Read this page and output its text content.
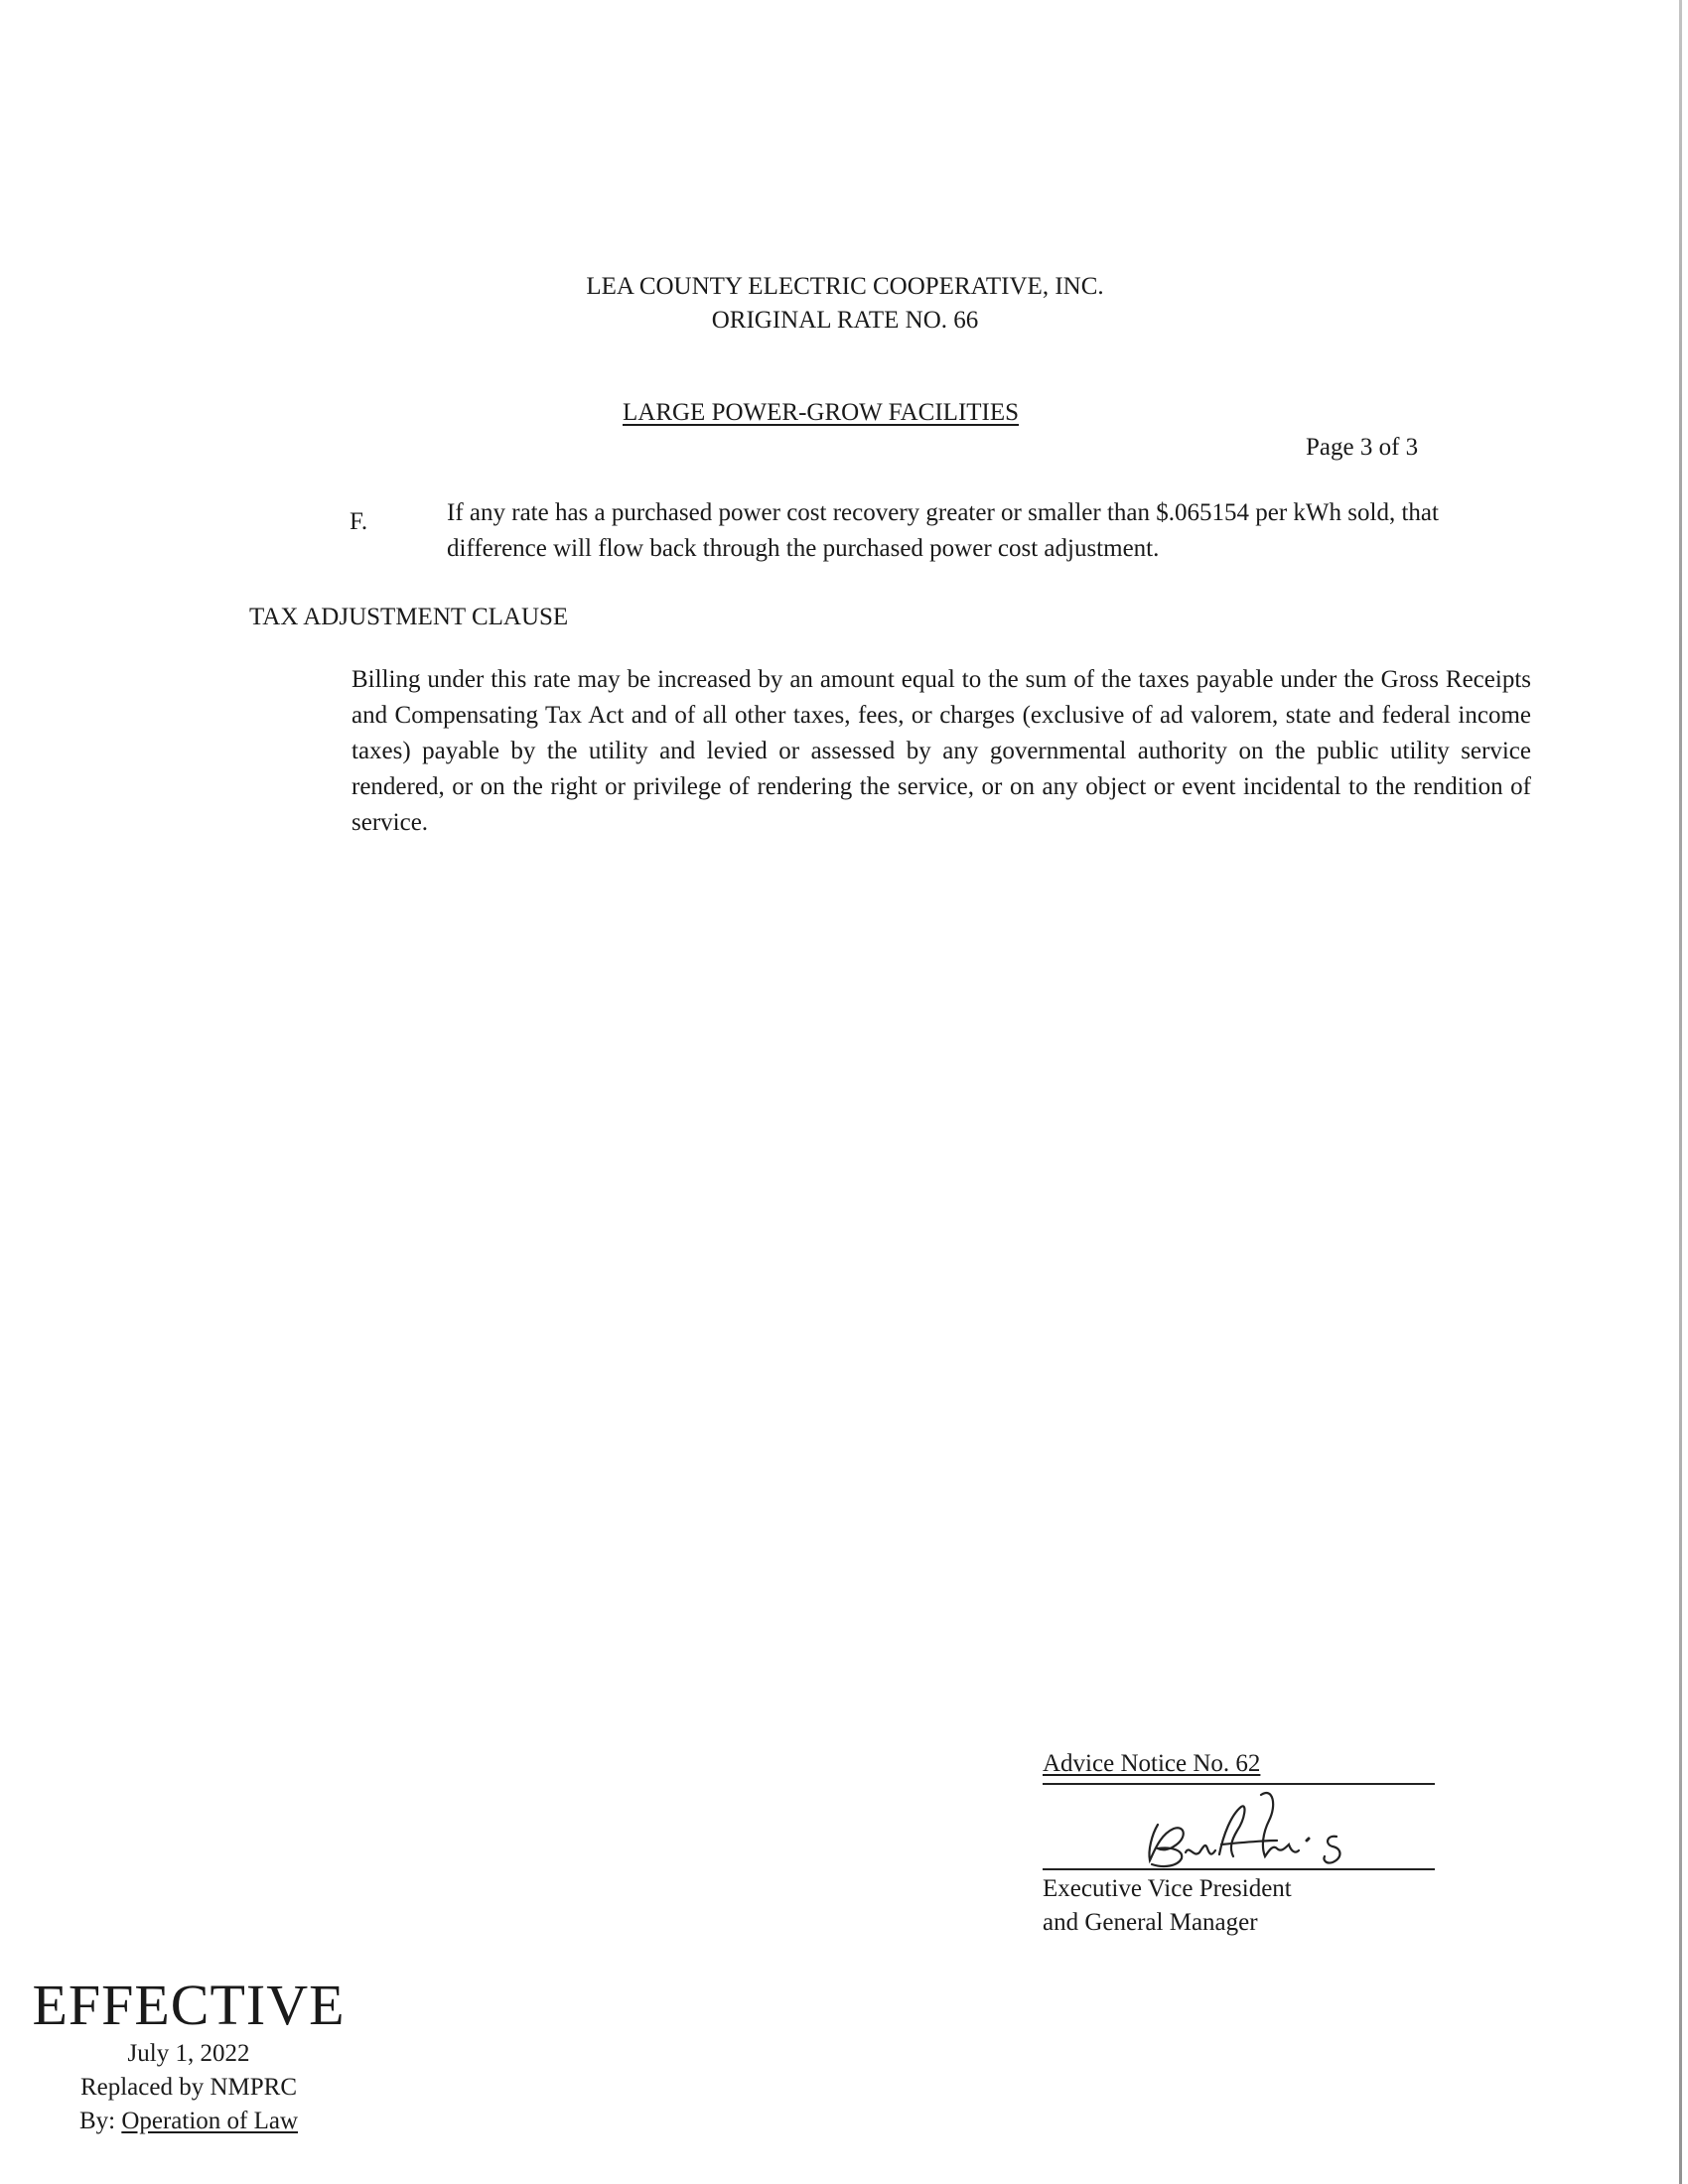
LEA COUNTY ELECTRIC COOPERATIVE, INC.
ORIGINAL RATE NO. 66
LARGE POWER-GROW FACILITIES
Page 3 of 3
F.	If any rate has a purchased power cost recovery greater or smaller than $.065154 per kWh sold, that difference will flow back through the purchased power cost adjustment.
TAX ADJUSTMENT CLAUSE
Billing under this rate may be increased by an amount equal to the sum of the taxes payable under the Gross Receipts and Compensating Tax Act and of all other taxes, fees, or charges (exclusive of ad valorem, state and federal income taxes) payable by the utility and levied or assessed by any governmental authority on the public utility service rendered, or on the right or privilege of rendering the service, or on any object or event incidental to the rendition of service.
Advice Notice No. 62
Executive Vice President
and General Manager
EFFECTIVE
July 1, 2022
Replaced by NMPRC
By: Operation of Law
